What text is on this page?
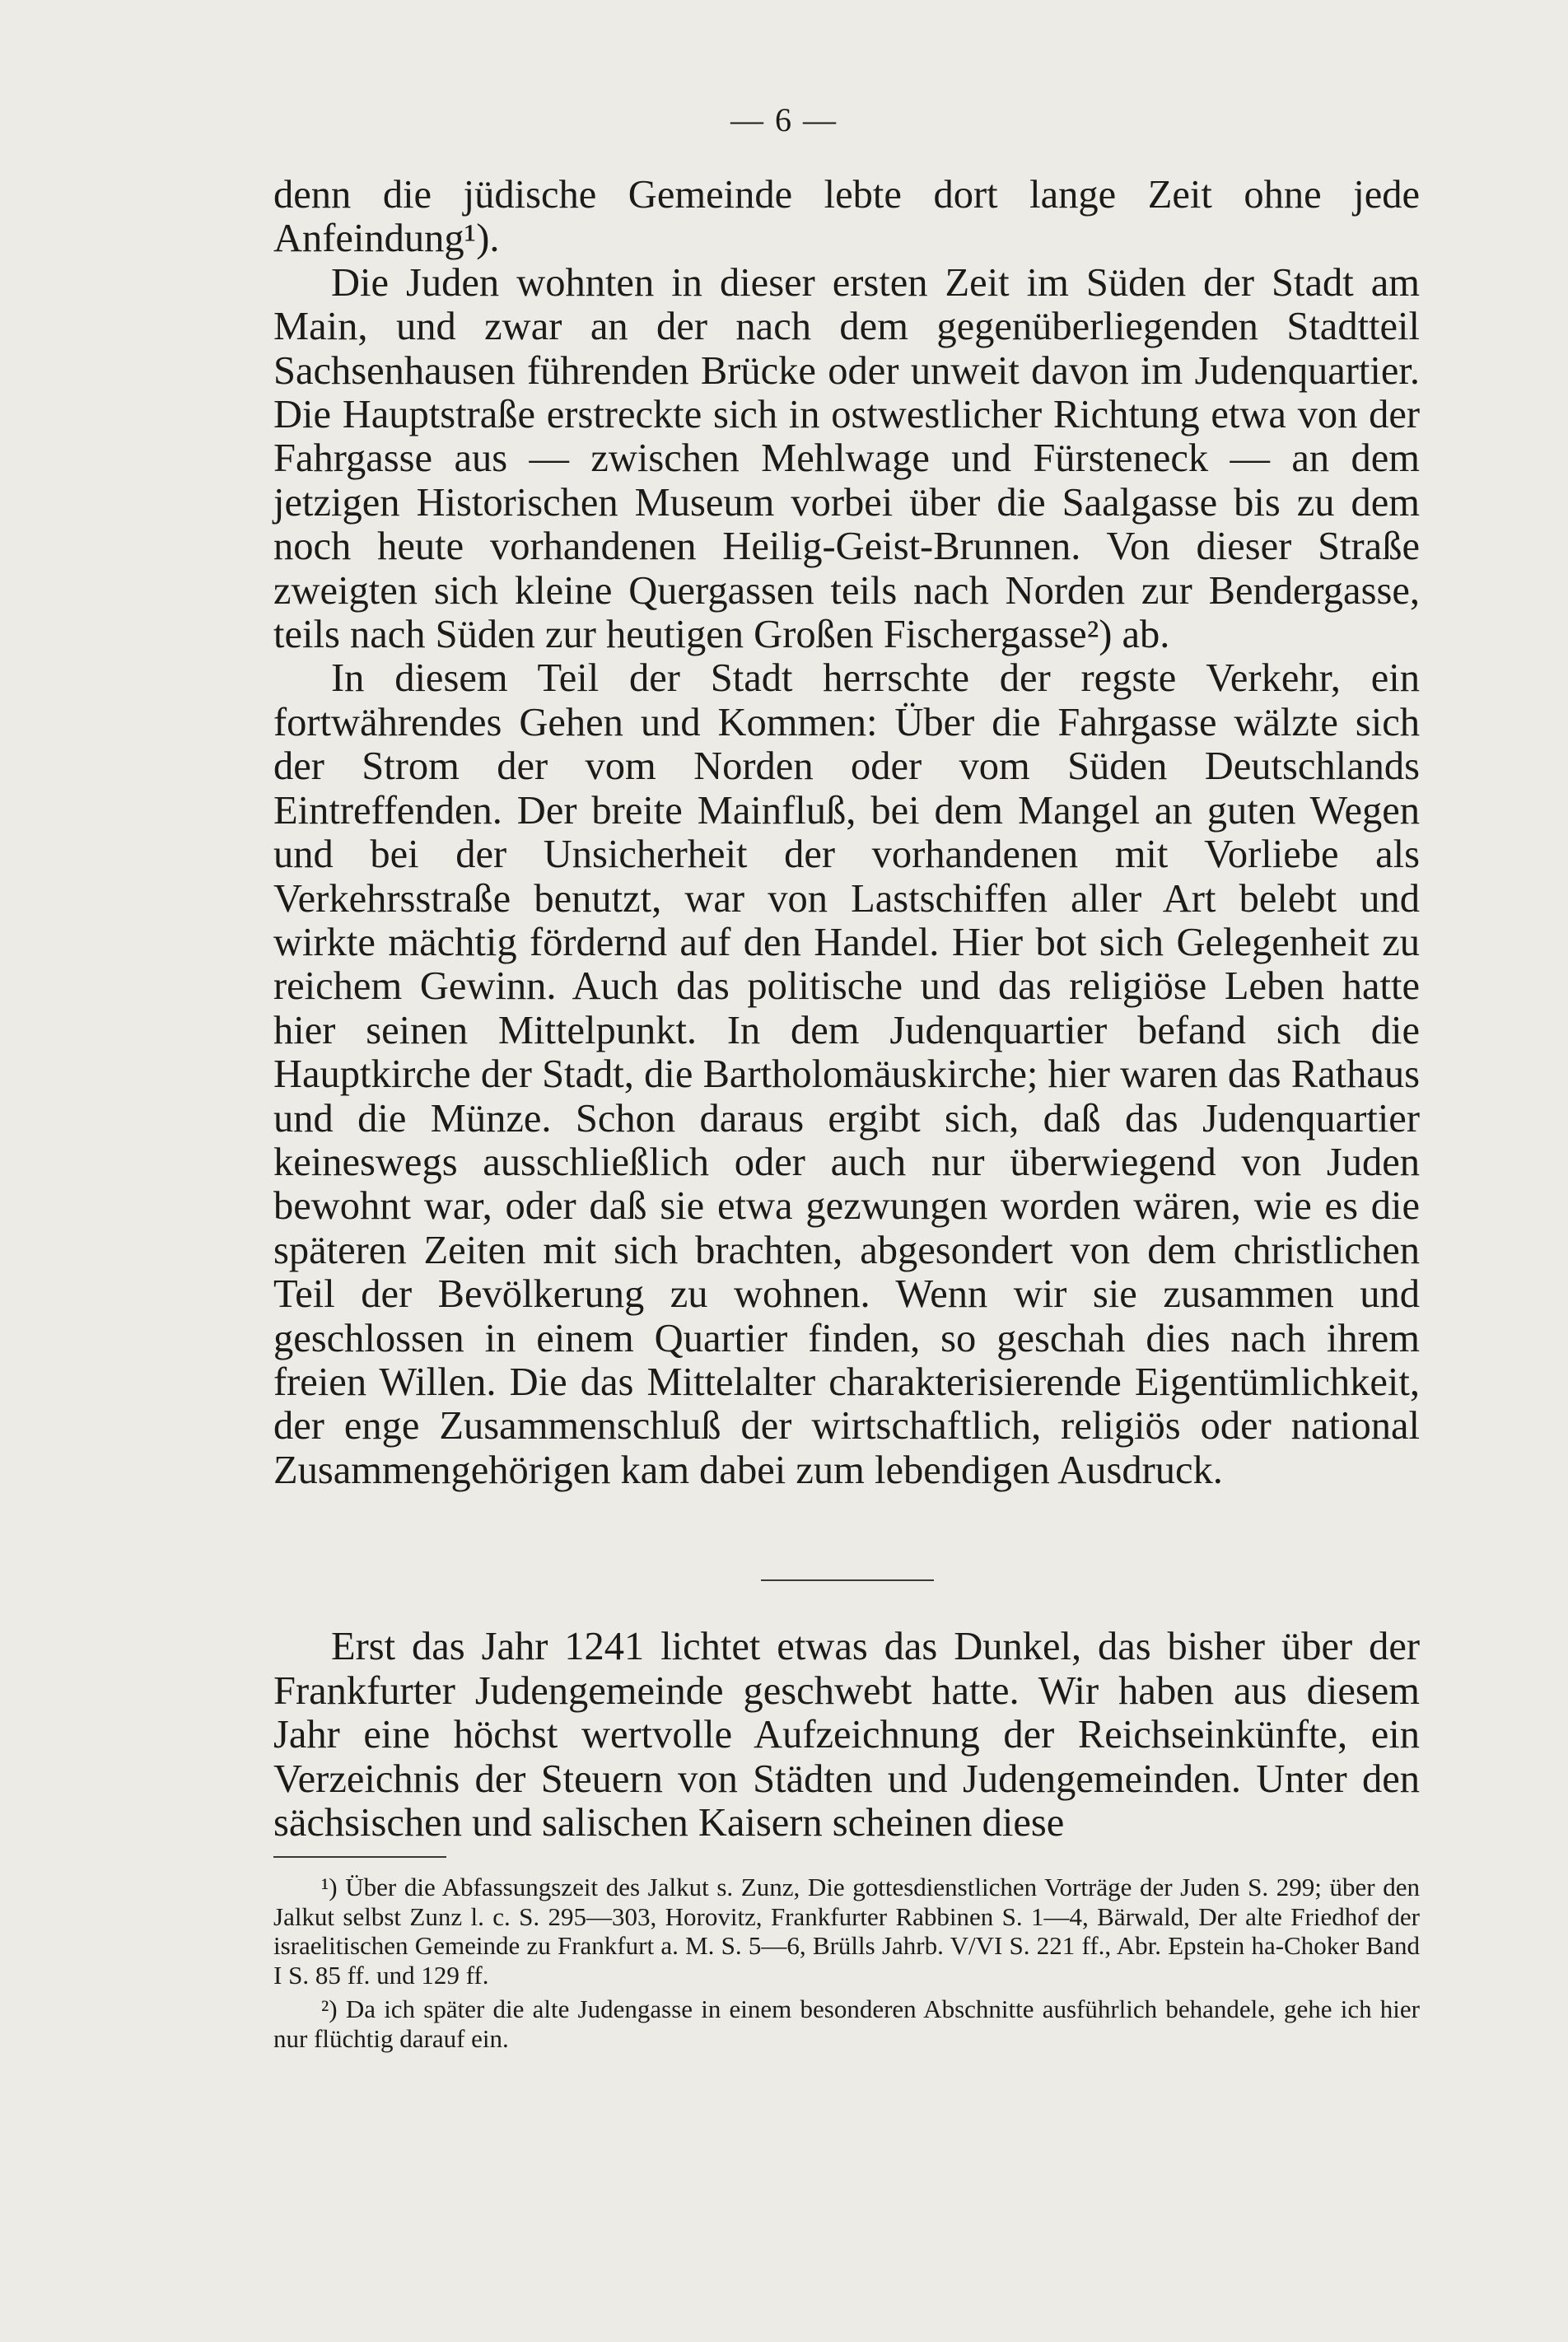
— 6 —

denn die jüdische Gemeinde lebte dort lange Zeit ohne jede Anfeindung¹).

Die Juden wohnten in dieser ersten Zeit im Süden der Stadt am Main, und zwar an der nach dem gegenüberliegenden Stadtteil Sachsenhausen führenden Brücke oder unweit davon im Judenquartier. Die Hauptstraße erstreckte sich in ostwestlicher Richtung etwa von der Fahrgasse aus — zwischen Mehlwage und Fürsteneck — an dem jetzigen Historischen Museum vorbei über die Saalgasse bis zu dem noch heute vorhandenen Heilig-Geist-Brunnen. Von dieser Straße zweigten sich kleine Quergassen teils nach Norden zur Bendergasse, teils nach Süden zur heutigen Großen Fischergasse²) ab.

In diesem Teil der Stadt herrschte der regste Verkehr, ein fortwährendes Gehen und Kommen: Über die Fahrgasse wälzte sich der Strom der vom Norden oder vom Süden Deutschlands Eintreffenden. Der breite Mainfluß, bei dem Mangel an guten Wegen und bei der Unsicherheit der vorhandenen mit Vorliebe als Verkehrsstraße benutzt, war von Lastschiffen aller Art belebt und wirkte mächtig fördernd auf den Handel. Hier bot sich Gelegenheit zu reichem Gewinn. Auch das politische und das religiöse Leben hatte hier seinen Mittelpunkt. In dem Judenquartier befand sich die Hauptkirche der Stadt, die Bartholomäuskirche; hier waren das Rathaus und die Münze. Schon daraus ergibt sich, daß das Judenquartier keineswegs ausschließlich oder auch nur überwiegend von Juden bewohnt war, oder daß sie etwa gezwungen worden wären, wie es die späteren Zeiten mit sich brachten, abgesondert von dem christlichen Teil der Bevölkerung zu wohnen. Wenn wir sie zusammen und geschlossen in einem Quartier finden, so geschah dies nach ihrem freien Willen. Die das Mittelalter charakterisierende Eigentümlichkeit, der enge Zusammenschluß der wirtschaftlich, religiös oder national Zusammengehörigen kam dabei zum lebendigen Ausdruck.

Erst das Jahr 1241 lichtet etwas das Dunkel, das bisher über der Frankfurter Judengemeinde geschwebt hatte. Wir haben aus diesem Jahr eine höchst wertvolle Aufzeichnung der Reichseinkünfte, ein Verzeichnis der Steuern von Städten und Judengemeinden. Unter den sächsischen und salischen Kaisern scheinen diese

¹) Über die Abfassungszeit des Jalkut s. Zunz, Die gottesdienstlichen Vorträge der Juden S. 299; über den Jalkut selbst Zunz l. c. S. 295—303, Horovitz, Frankfurter Rabbinen S. 1—4, Bärwald, Der alte Friedhof der israelitischen Gemeinde zu Frankfurt a. M. S. 5—6, Brülls Jahrb. V/VI S. 221 ff., Abr. Epstein ha-Choker Band I S. 85 ff. und 129 ff.

²) Da ich später die alte Judengasse in einem besonderen Abschnitte ausführlich behandele, gehe ich hier nur flüchtig darauf ein.
